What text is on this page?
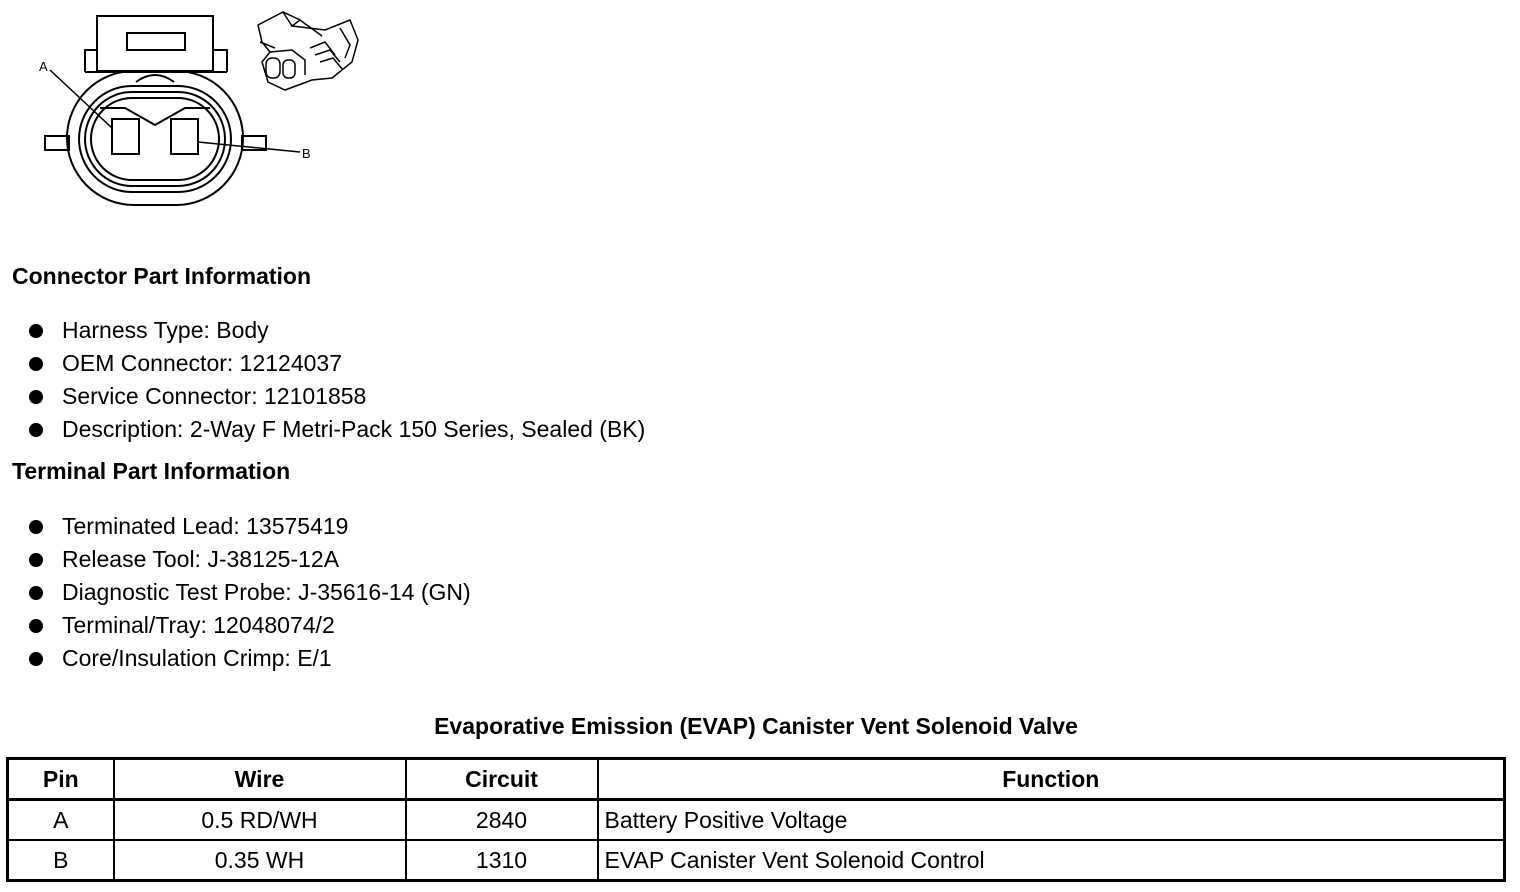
A
B
Connector Part Information
Harness Type: Body
OEM Connector: 12124037
Service Connector: 12101858
Description: 2-Way F Metri-Pack 150 Series, Sealed (BK)
Terminal Part Information
Terminated Lead: 13575419
Release Tool: J-38125-12A
Diagnostic Test Probe: J-35616-14 (GN)
Terminal/Tray: 12048074/2
Core/Insulation Crimp: E/1
Evaporative Emission (EVAP) Canister Vent Solenoid Valve
Pin	Wire	Circuit	Function
A	0.5 RD/WH	2840	Battery Positive Voltage
B	0.35 WH	1310	EVAP Canister Vent Solenoid Control
